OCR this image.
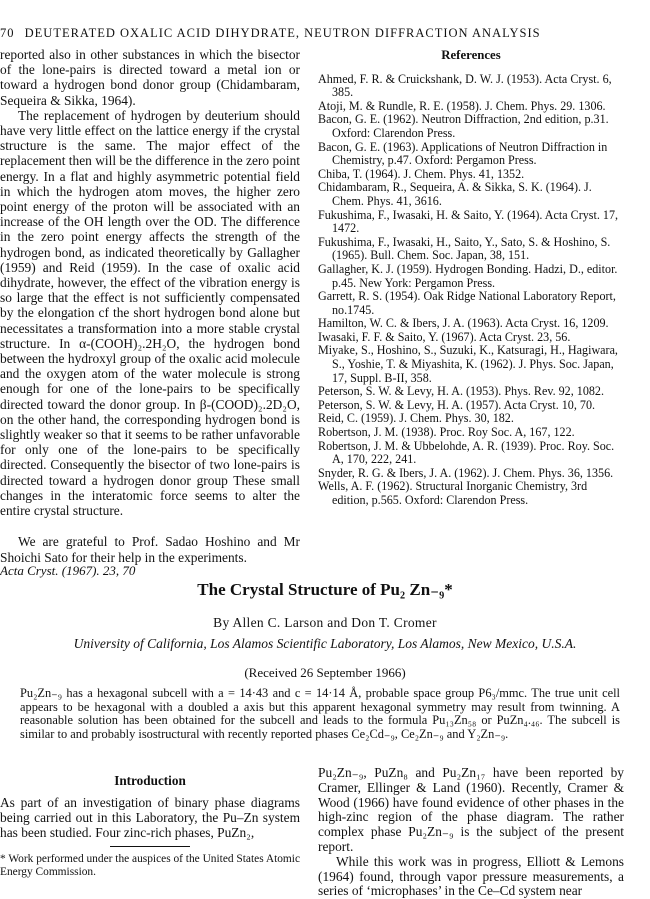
70 DEUTERATED OXALIC ACID DIHYDRATE, NEUTRON DIFFRACTION ANALYSIS

reported also in other substances in which the bisector of the lone-pairs is directed toward a metal ion or toward a hydrogen bond donor group (Chidambaram, Sequeira & Sikka, 1964).

The replacement of hydrogen by deuterium should have very little effect on the lattice energy if the crystal structure is the same. The major effect of the replacement then will be the difference in the zero point energy. In a flat and highly asymmetric potential field in which the hydrogen atom moves, the higher zero point energy of the proton will be associated with an increase of the OH length over the OD. The difference in the zero point energy affects the strength of the hydrogen bond, as indicated theoretically by Gallagher (1959) and Reid (1959). In the case of oxalic acid dihydrate, however, the effect of the vibration energy is so large that the effect is not sufficiently compensated by the elongation cf the short hydrogen bond alone but necessitates a transformation into a more stable crystal structure. In α-(COOH)₂.2H₂O, the hydrogen bond between the hydroxyl group of the oxalic acid molecule and the oxygen atom of the water molecule is strong enough for one of the lone-pairs to be specifically directed toward the donor group. In β-(COOD)₂.2D₂O, on the other hand, the corresponding hydrogen bond is slightly weaker so that it seems to be rather unfavorable for only one of the lone-pairs to be specifically directed. Consequently the bisector of two lone-pairs is directed toward a hydrogen donor group These small changes in the interatomic force seems to alter the entire crystal structure.

We are grateful to Prof. Sadao Hoshino and Mr Shoichi Sato for their help in the experiments.

References

Ahmed, F. R. & Cruickshank, D. W. J. (1953). Acta Cryst. 6, 385.

Atoji, M. & Rundle, R. E. (1958). J. Chem. Phys. 29. 1306.

Bacon, G. E. (1962). Neutron Diffraction, 2nd edition, p.31. Oxford: Clarendon Press.

Bacon, G. E. (1963). Applications of Neutron Diffraction in Chemistry, p.47. Oxford: Pergamon Press.

Chiba, T. (1964). J. Chem. Phys. 41, 1352.

Chidambaram, R., Sequeira, A. & Sikka, S. K. (1964). J. Chem. Phys. 41, 3616.

Fukushima, F., Iwasaki, H. & Saito, Y. (1964). Acta Cryst. 17, 1472.

Fukushima, F., Iwasaki, H., Saito, Y., Sato, S. & Hoshino, S. (1965). Bull. Chem. Soc. Japan, 38, 151.

Gallagher, K. J. (1959). Hydrogen Bonding. Hadzi, D., editor. p.45. New York: Pergamon Press.

Garrett, R. S. (1954). Oak Ridge National Laboratory Report, no.1745.

Hamilton, W. C. & Ibers, J. A. (1963). Acta Cryst. 16, 1209.

Iwasaki, F. F. & Saito, Y. (1967). Acta Cryst. 23, 56.

Miyake, S., Hoshino, S., Suzuki, K., Katsuragi, H., Hagiwara, S., Yoshie, T. & Miyashita, K. (1962). J. Phys. Soc. Japan, 17, Suppl. B-II, 358.

Peterson, S. W. & Levy, H. A. (1953). Phys. Rev. 92, 1082.

Peterson, S. W. & Levy, H. A. (1957). Acta Cryst. 10, 70.

Reid, C. (1959). J. Chem. Phys. 30, 182.

Robertson, J. M. (1938). Proc. Roy Soc. A, 167, 122.

Robertson, J. M. & Ubbelohde, A. R. (1939). Proc. Roy. Soc. A, 170, 222, 241.

Snyder, R. G. & Ibers, J. A. (1962). J. Chem. Phys. 36, 1356.

Wells, A. F. (1962). Structural Inorganic Chemistry, 3rd edition, p.565. Oxford: Clarendon Press.

Acta Cryst. (1967). 23, 70
The Crystal Structure of Pu₂ Zn₋₉*
By Allen C. Larson and Don T. Cromer
University of California, Los Alamos Scientific Laboratory, Los Alamos, New Mexico, U.S.A.
(Received 26 September 1966)
Pu₂Zn₋₉ has a hexagonal subcell with a = 14·43 and c = 14·14 Å, probable space group P6₃/mmc. The true unit cell appears to be hexagonal with a doubled a axis but this apparent hexagonal symmetry may result from twinning. A reasonable solution has been obtained for the subcell and leads to the formula Pu₁₃Zn₅₈ or PuZn₄.₄₆. The subcell is similar to and probably isostructural with recently reported phases Ce₂Cd₋₉, Ce₂Zn₋₉ and Y₂Zn₋₉.
Introduction
As part of an investigation of binary phase diagrams being carried out in this Laboratory, the Pu–Zn system has been studied. Four zinc-rich phases, PuZn₂,
* Work performed under the auspices of the United States Atomic Energy Commission.

Pu₂Zn₋₉, PuZn₈ and Pu₂Zn₁₇ have been reported by Cramer, Ellinger & Land (1960). Recently, Cramer & Wood (1966) have found evidence of other phases in the high-zinc region of the phase diagram. The rather complex phase Pu₂Zn₋₉ is the subject of the present report.

While this work was in progress, Elliott & Lemons (1964) found, through vapor pressure measurements, a series of ‘microphases’ in the Ce–Cd system near
